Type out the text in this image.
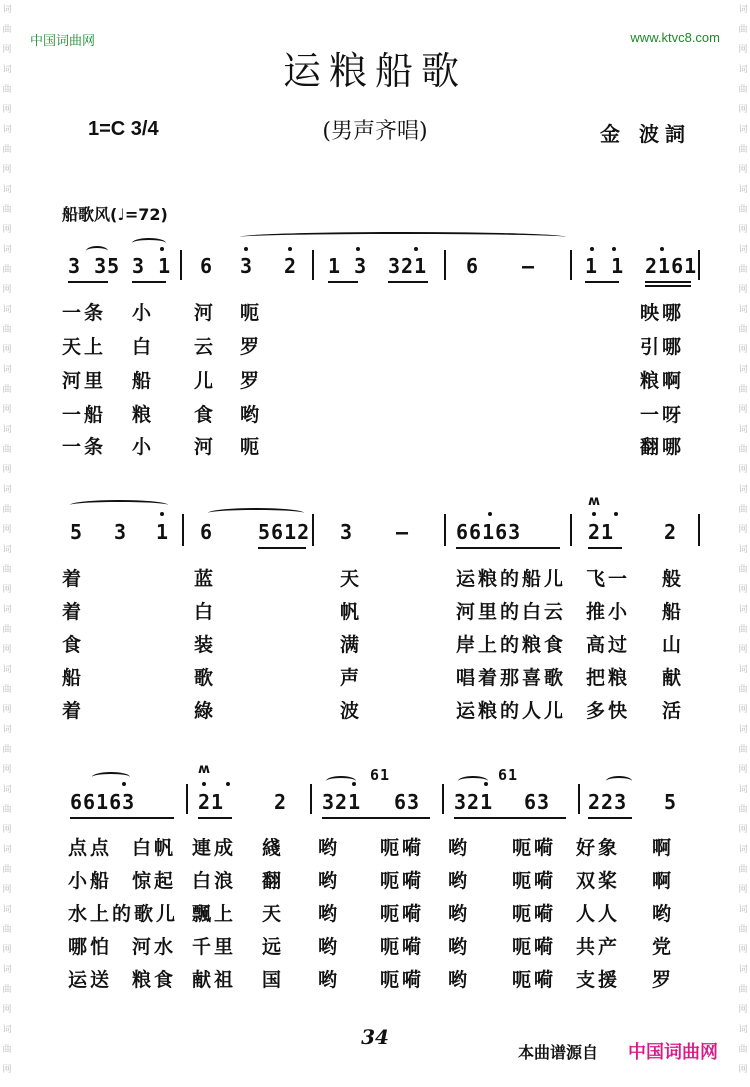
词
曲
网
词
曲
网
词
曲
网
词
曲
网
词
曲
网
词
曲
网
词
曲
网
词
曲
网
词
曲
网
词
曲
网
词
曲
网
词
曲
网
词
曲
网
词
曲
网
词
曲
网
词
曲
网
词
曲
网
词
曲
网
词
曲
网
词
曲
网
词
曲
网
词
曲
网
词
曲
网
词
曲
网
词
曲
网
词
曲
网
词
曲
网
词
曲
网
词
曲
网
词
曲
网
词
曲
网
词
曲
网
词
曲
网
词
曲
网
词
曲
网
词
曲
网
中国词曲网	www.ktvc8.com
运粮船歌
1=C 3/4	(男声齐唱)	金 波詞
船歌风(♩=72)
3 35 3 1 6 3 2 1 3 321 6 — 1 1 2161
一条 小 河 呃	映哪
天上 白 云 罗	引哪
河里 船 儿 罗	粮啊
一船 粮 食 哟	一呀
一条 小 河 呃	翻哪
5 3 1 6 5612 3 — 66163	21 2
ʍ
着	蓝	天	运粮的船儿 飞一 般
着	白	帆	河里的白云 推小 船
食	装	满	岸上的粮食 高过 山
船	歌	声	唱着那喜歌 把粮 献
着	綠	波	运粮的人儿 多快 活
66163	21 2 321
61
63 321
61
63 223 5
ʍ
点点 白帆 連成 綫 哟 呃嗬 哟 呃嗬 好象 啊
小船 惊起 白浪 翻 哟 呃嗬 哟 呃嗬 双桨 啊
水上的歌儿 飄上 天 哟 呃嗬 哟 呃嗬 人人 哟
哪怕 河水 千里 远 哟 呃嗬 哟 呃嗬 共产 党
运送 粮食 献祖 国 哟 呃嗬 哟 呃嗬 支援 罗
34
本曲谱源自 中国词曲网
